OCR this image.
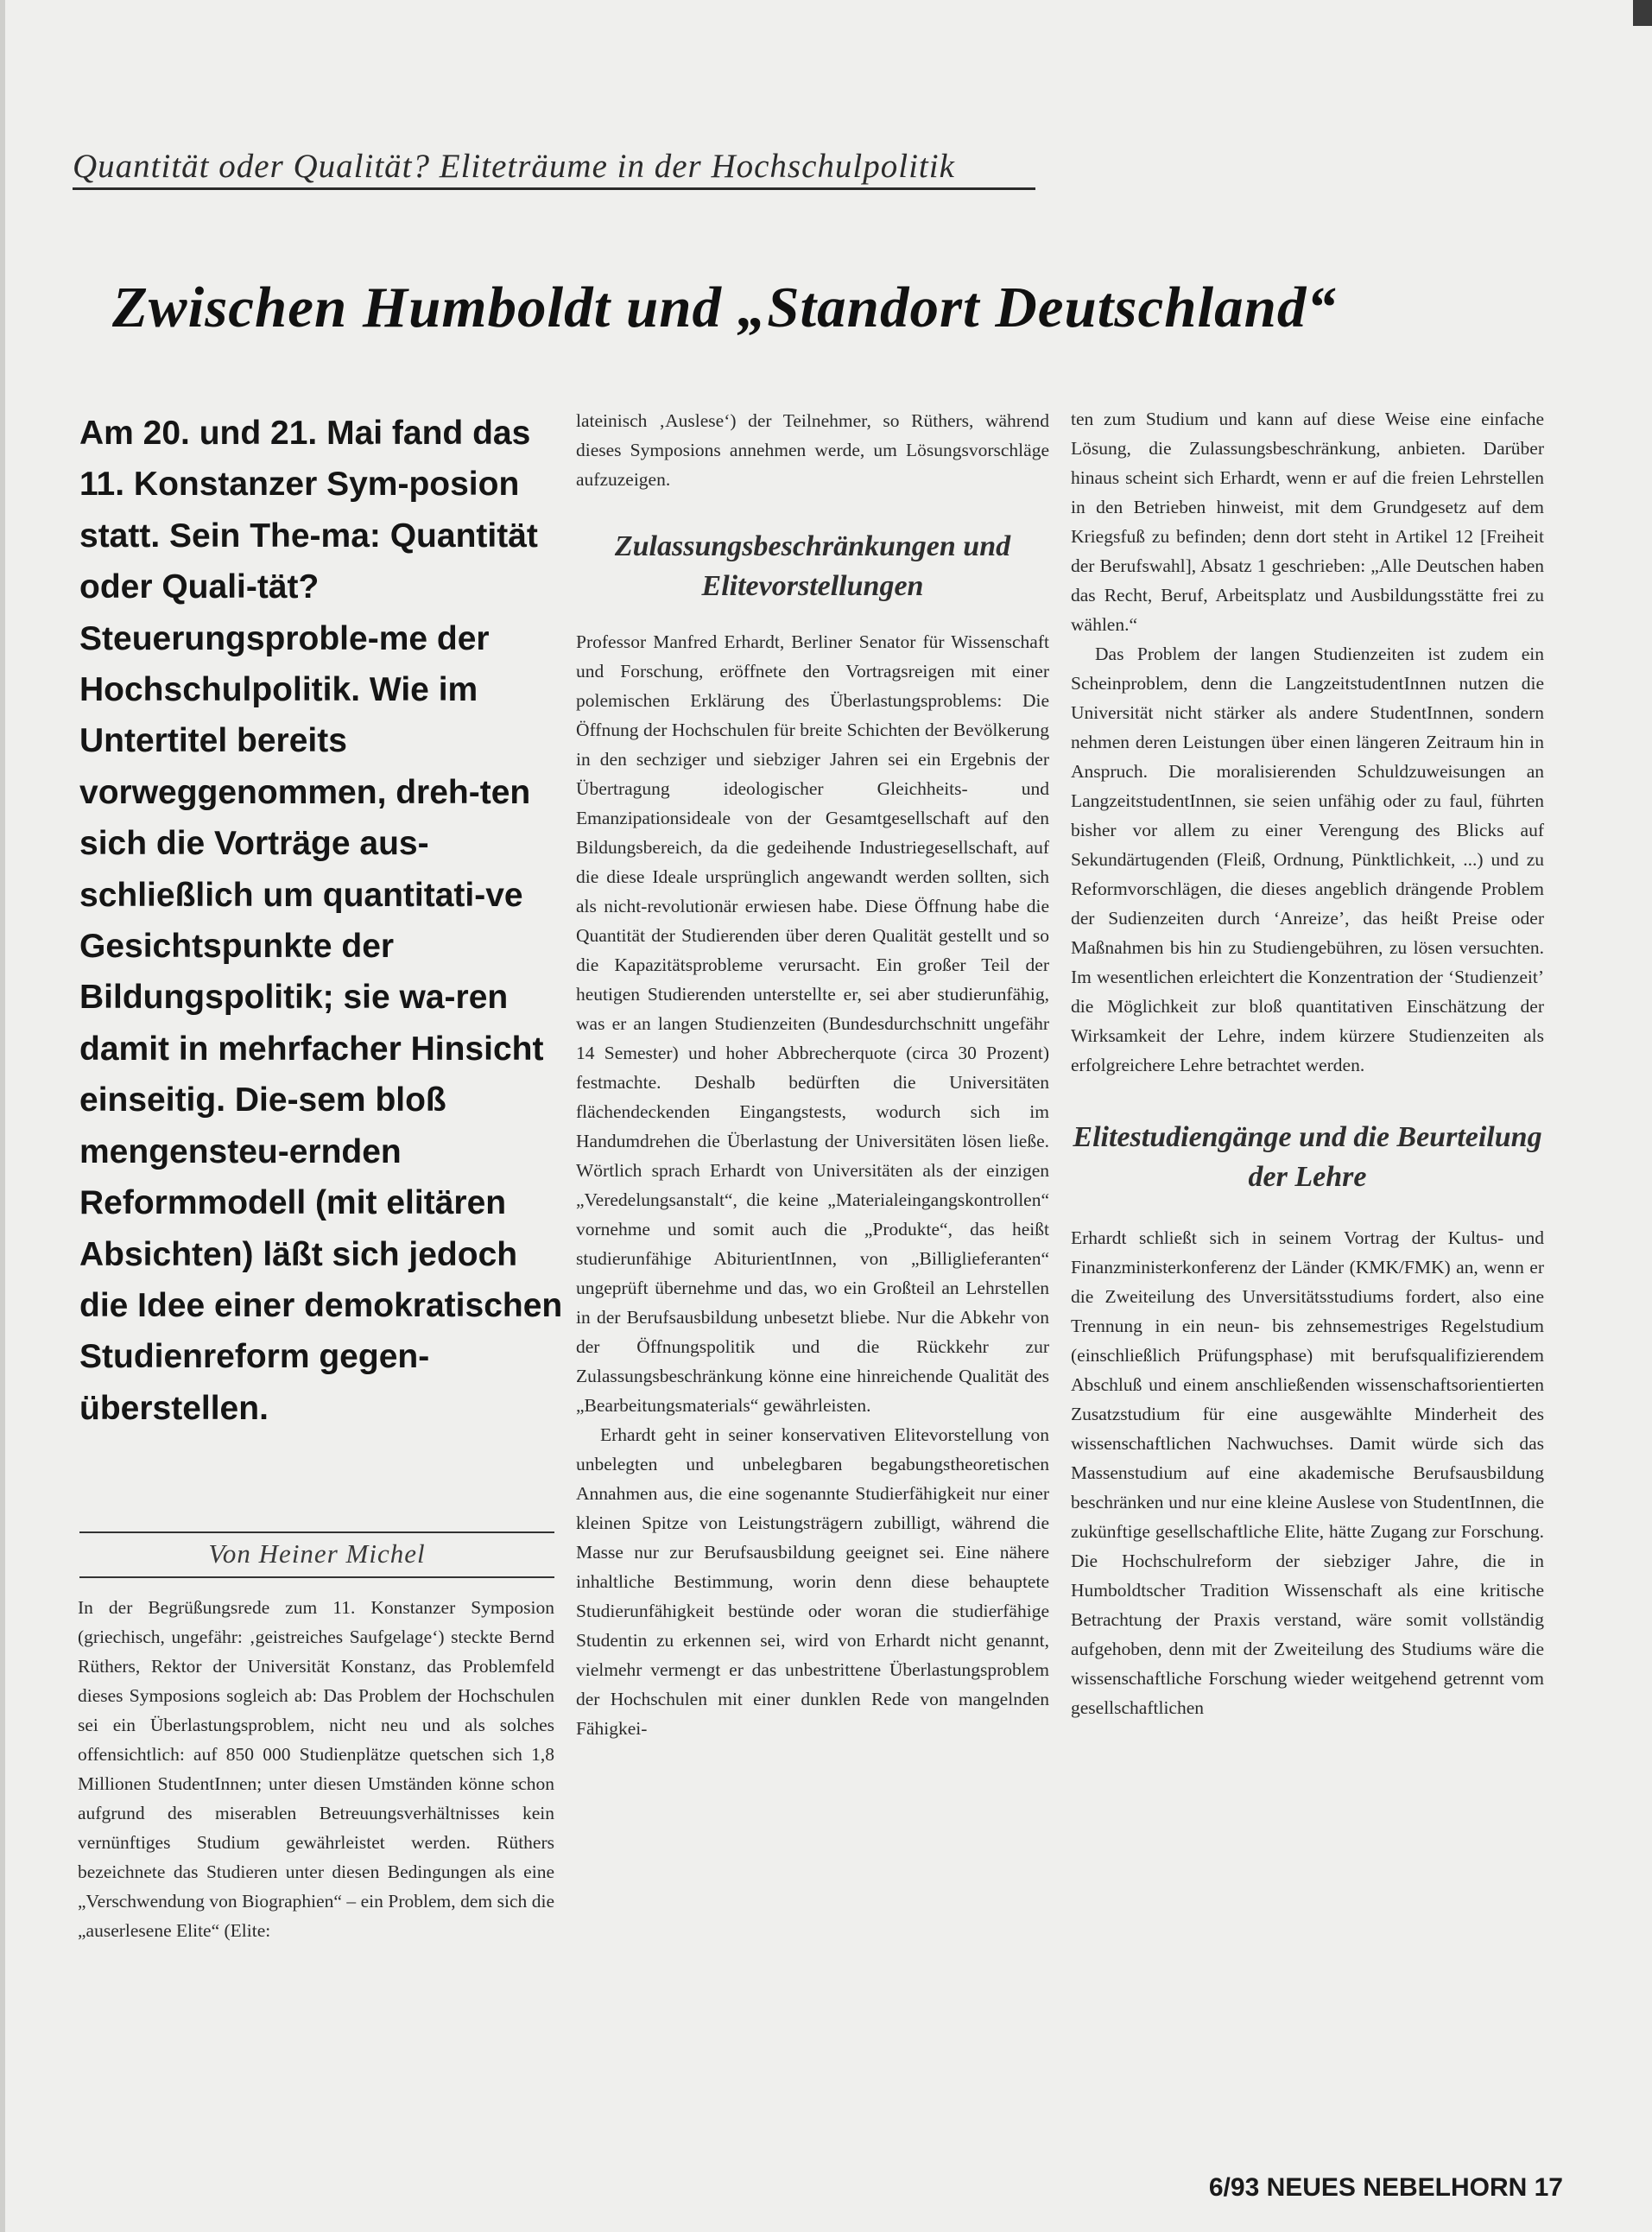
Quantität oder Qualität? Eliteträume in der Hochschulpolitik
Zwischen Humboldt und „Standort Deutschland“
Am 20. und 21. Mai fand das 11. Konstanzer Sym-posion statt. Sein The-ma: Quantität oder Quali-tät? Steuerungsproble-me der Hochschulpolitik. Wie im Untertitel bereits vorweggenommen, dreh-ten sich die Vorträge aus-schließlich um quantitati-ve Gesichtspunkte der Bildungspolitik; sie wa-ren damit in mehrfacher Hinsicht einseitig. Die-sem bloß mengensteu-ernden Reformmodell (mit elitären Absichten) läßt sich jedoch die Idee einer demokratischen Studienreform gegen-überstellen.
Von Heiner Michel

In der Begrüßungsrede zum 11. Konstanzer Symposion (griechisch, ungefähr: ‚geistreiches Saufgelage‘) steckte Bernd Rüthers, Rektor der Universität Konstanz, das Problemfeld dieses Symposions sogleich ab: Das Problem der Hochschulen sei ein Überlastungsproblem, nicht neu und als solches offensichtlich: auf 850 000 Studienplätze quetschen sich 1,8 Millionen StudentInnen; unter diesen Umständen könne schon aufgrund des miserablen Betreuungsverhältnisses kein vernünftiges Studium gewährleistet werden. Rüthers bezeichnete das Studieren unter diesen Bedingungen als eine „Verschwendung von Biographien“ – ein Problem, dem sich die „auserlesene Elite“ (Elite:

lateinisch ‚Auslese‘) der Teilnehmer, so Rüthers, während dieses Symposions annehmen werde, um Lösungsvorschläge aufzuzeigen.

Zulassungsbeschränkungen und Elitevorstellungen

Professor Manfred Erhardt, Berliner Senator für Wissenschaft und Forschung, eröffnete den Vortragsreigen mit einer polemischen Erklärung des Überlastungsproblems: Die Öffnung der Hochschulen für breite Schichten der Bevölkerung in den sechziger und siebziger Jahren sei ein Ergebnis der Übertragung ideologischer Gleichheits- und Emanzipationsideale von der Gesamtgesellschaft auf den Bildungsbereich, da die gedeihende Industriegesellschaft, auf die diese Ideale ursprünglich angewandt werden sollten, sich als nicht-revolutionär erwiesen habe. Diese Öffnung habe die Quantität der Studierenden über deren Qualität gestellt und so die Kapazitätsprobleme verursacht. Ein großer Teil der heutigen Studierenden unterstellte er, sei aber studierunfähig, was er an langen Studienzeiten (Bundesdurchschnitt ungefähr 14 Semester) und hoher Abbrecherquote (circa 30 Prozent) festmachte. Deshalb bedürften die Universitäten flächendeckenden Eingangstests, wodurch sich im Handumdrehen die Überlastung der Universitäten lösen ließe. Wörtlich sprach Erhardt von Universitäten als der einzigen „Veredelungsanstalt“, die keine „Materialeingangskontrollen“ vornehme und somit auch die „Produkte“, das heißt studierunfähige AbiturientInnen, von „Billiglieferanten“ ungeprüft übernehme und das, wo ein Großteil an Lehrstellen in der Berufsausbildung unbesetzt bliebe. Nur die Abkehr von der Öffnungspolitik und die Rückkehr zur Zulassungsbeschränkung könne eine hinreichende Qualität des „Bearbeitungsmaterials“ gewährleisten.

Erhardt geht in seiner konservativen Elitevorstellung von unbelegten und unbelegbaren begabungstheoretischen Annahmen aus, die eine sogenannte Studierfähigkeit nur einer kleinen Spitze von Leistungsträgern zubilligt, während die Masse nur zur Berufsausbildung geeignet sei. Eine nähere inhaltliche Bestimmung, worin denn diese behauptete Studierunfähigkeit bestünde oder woran die studierfähige Studentin zu erkennen sei, wird von Erhardt nicht genannt, vielmehr vermengt er das unbestrittene Überlastungsproblem der Hochschulen mit einer dunklen Rede von mangelnden Fähigkei-

ten zum Studium und kann auf diese Weise eine einfache Lösung, die Zulassungsbeschränkung, anbieten. Darüber hinaus scheint sich Erhardt, wenn er auf die freien Lehrstellen in den Betrieben hinweist, mit dem Grundgesetz auf dem Kriegsfuß zu befinden; denn dort steht in Artikel 12 [Freiheit der Berufswahl], Absatz 1 geschrieben: „Alle Deutschen haben das Recht, Beruf, Arbeitsplatz und Ausbildungsstätte frei zu wählen.“

Das Problem der langen Studienzeiten ist zudem ein Scheinproblem, denn die LangzeitstudentInnen nutzen die Universität nicht stärker als andere StudentInnen, sondern nehmen deren Leistungen über einen längeren Zeitraum hin in Anspruch. Die moralisierenden Schuldzuweisungen an LangzeitstudentInnen, sie seien unfähig oder zu faul, führten bisher vor allem zu einer Verengung des Blicks auf Sekundärtugenden (Fleiß, Ordnung, Pünktlichkeit, ...) und zu Reformvorschlägen, die dieses angeblich drängende Problem der Sudienzeiten durch ‘Anreize’, das heißt Preise oder Maßnahmen bis hin zu Studiengebühren, zu lösen versuchten. Im wesentlichen erleichtert die Konzentration der ‘Studienzeit’ die Möglichkeit zur bloß quantitativen Einschätzung der Wirksamkeit der Lehre, indem kürzere Studienzeiten als erfolgreichere Lehre betrachtet werden.

Elitestudiengänge und die Beurteilung der Lehre

Erhardt schließt sich in seinem Vortrag der Kultus- und Finanzministerkonferenz der Länder (KMK/FMK) an, wenn er die Zweiteilung des Unversitätsstudiums fordert, also eine Trennung in ein neun- bis zehnsemestriges Regelstudium (einschließlich Prüfungsphase) mit berufsqualifizierendem Abschluß und einem anschließenden wissenschaftsorientierten Zusatzstudium für eine ausgewählte Minderheit des wissenschaftlichen Nachwuchses. Damit würde sich das Massenstudium auf eine akademische Berufsausbildung beschränken und nur eine kleine Auslese von StudentInnen, die zukünftige gesellschaftliche Elite, hätte Zugang zur Forschung. Die Hochschulreform der siebziger Jahre, die in Humboldtscher Tradition Wissenschaft als eine kritische Betrachtung der Praxis verstand, wäre somit vollständig aufgehoben, denn mit der Zweiteilung des Studiums wäre die wissenschaftliche Forschung wieder weitgehend getrennt vom gesellschaftlichen

6/93 NEUES NEBELHORN 17
